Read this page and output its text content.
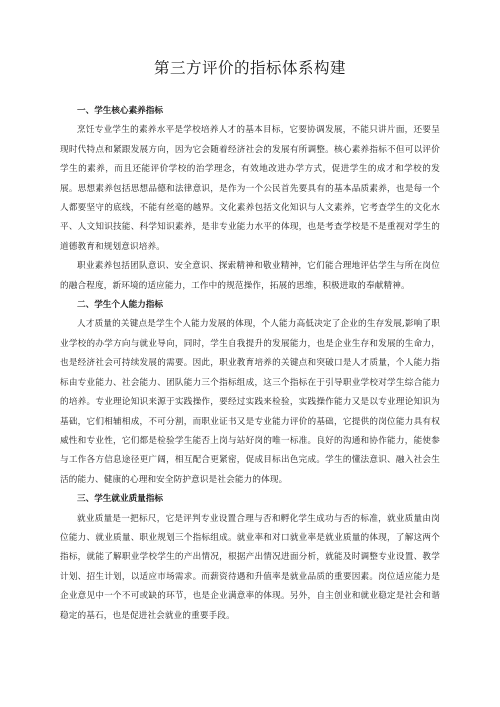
第三方评价的指标体系构建

一、学生核心素养指标

烹饪专业学生的素养水平是学校培养人才的基本目标，它要协调发展，不能只讲片面，还要呈现时代特点和紧跟发展方向，因为它会随着经济社会的发展有所调整。核心素养指标不但可以评价学生的素养，而且还能评价学校的治学理念，有效地改进办学方式，促进学生的成才和学校的发展。思想素养包括思想品德和法律意识，是作为一个公民首先要具有的基本品质素养，也是每一个人都要坚守的底线，不能有丝毫的越界。文化素养包括文化知识与人文素养，它考查学生的文化水平、人文知识技能、科学知识素养，是非专业能力水平的体现，也是考查学校是不是重视对学生的道德教育和规划意识培养。

职业素养包括团队意识、安全意识、探索精神和敬业精神，它们能合理地评估学生与所在岗位的融合程度，新环境的适应能力，工作中的规范操作，拓展的思维，积极进取的奉献精神。

二、学生个人能力指标

人才质量的关键点是学生个人能力发展的体现，个人能力高低决定了企业的生存发展,影响了职业学校的办学方向与就业导向，同时，学生自我提升的发展能力，也是企业生存和发展的生命力，也是经济社会可持续发展的需要。因此，职业教育培养的关键点和突破口是人才质量，个人能力指标由专业能力、社会能力、团队能力三个指标组成，这三个指标在于引导职业学校对学生综合能力的培养。专业理论知识来源于实践操作，要经过实践来检验，实践操作能力又是以专业理论知识为基础，它们相辅相成，不可分割，而职业证书又是专业能力评价的基础，它提供的岗位能力具有权威性和专业性，它们都是检验学生能否上岗与站好岗的唯一标准。良好的沟通和协作能力，能使参与工作各方信息途径更广阔，相互配合更紧密，促成目标出色完成。学生的懂法意识、融入社会生活的能力、健康的心理和安全防护意识是社会能力的体现。

三、学生就业质量指标

就业质量是一把标尺，它是评判专业设置合理与否和孵化学生成功与否的标准，就业质量由岗位能力、就业质量、职业规划三个指标组成。就业率和对口就业率是就业质量的体现，了解这两个指标，就能了解职业学校学生的产出情况，根据产出情况进面分析，就能及时调整专业设置、教学计划、招生计划，以适应市场需求。而薪资待遇和升值率是就业品质的重要因素。岗位适应能力是企业意见中一个不可或缺的环节，也是企业满意率的体现。另外，自主创业和就业稳定是社会和谐稳定的基石，也是促进社会就业的重要手段。
